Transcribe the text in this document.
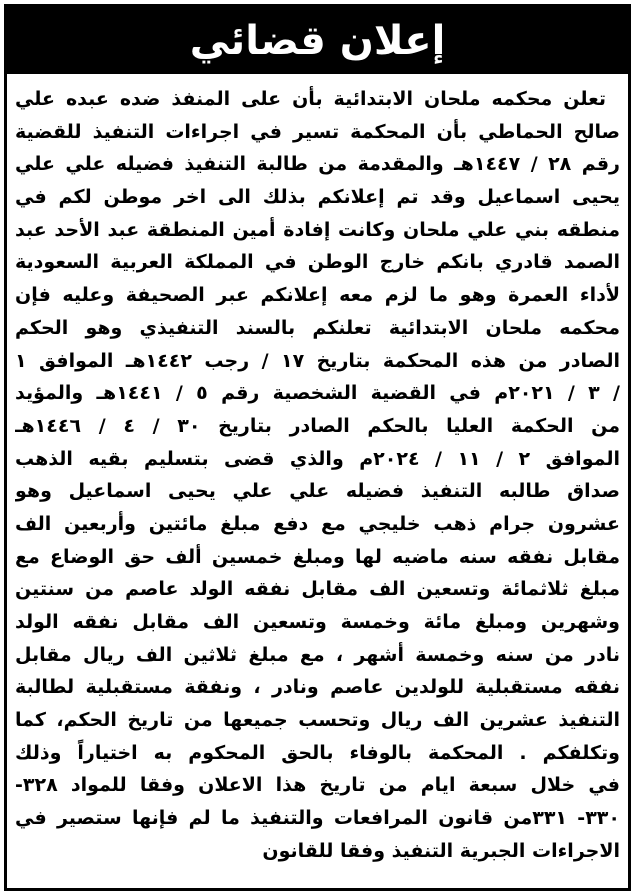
إعلان قضائي
تعلن محكمه ملحان الابتدائية بأن على المنفذ ضده عبده علي
صالح الحماطي بأن المحكمة تسير في اجراءات التنفيذ للقضية
رقم ٢٨ / ١٤٤٧هـ والمقدمة من طالبة التنفيذ فضيله علي علي
يحيى اسماعيل وقد تم إعلانكم بذلك الى اخر موطن لكم في
منطقه بني علي ملحان وكانت إفادة أمين المنطقة عبد الأحد عبد
الصمد قادري بانكم خارج الوطن في المملكة العربية السعودية
لأداء العمرة وهو ما لزم معه إعلانكم عبر الصحيفة وعليه فإن
محكمه ملحان الابتدائية تعلنكم بالسند التنفيذي وهو الحكم
الصادر من هذه المحكمة بتاريخ ١٧ / رجب ١٤٤٢هـ الموافق ١
/ ٣ / ٢٠٢١م في القضية الشخصية رقم ٥ / ١٤٤١هـ والمؤيد
من الحكمة العليا بالحكم الصادر بتاريخ ٣٠ / ٤ / ١٤٤٦هـ
الموافق ٢ / ١١ / ٢٠٢٤م والذي قضى بتسليم بقيه الذهب
صداق طالبه التنفيذ فضيله علي علي يحيى اسماعيل وهو
عشرون جرام ذهب خليجي مع دفع مبلغ مائتين وأربعين الف
مقابل نفقه سنه ماضيه لها ومبلغ خمسين ألف حق الوضاع مع
مبلغ ثلاثمائة وتسعين الف مقابل نفقه الولد عاصم من سنتين
وشهرين ومبلغ مائة وخمسة وتسعين الف مقابل نفقه الولد
نادر من سنه وخمسة أشهر ، مع مبلغ ثلاثين الف ريال مقابل
نفقه مستقبلية للولدين عاصم ونادر ، ونفقة مستقبلية لطالبة
التنفيذ عشرين الف ريال وتحسب جميعها من تاريخ الحكم، كما
وتكلفكم . المحكمة بالوفاء بالحق المحكوم به اختياراً وذلك
في خلال سبعة ايام من تاريخ هذا الاعلان وفقا للمواد ٣٢٨-
٣٣٠- ٣٣١من قانون المرافعات والتنفيذ ما لم فإنها ستصير في
الاجراءات الجبرية التنفيذ وفقا للقانون
